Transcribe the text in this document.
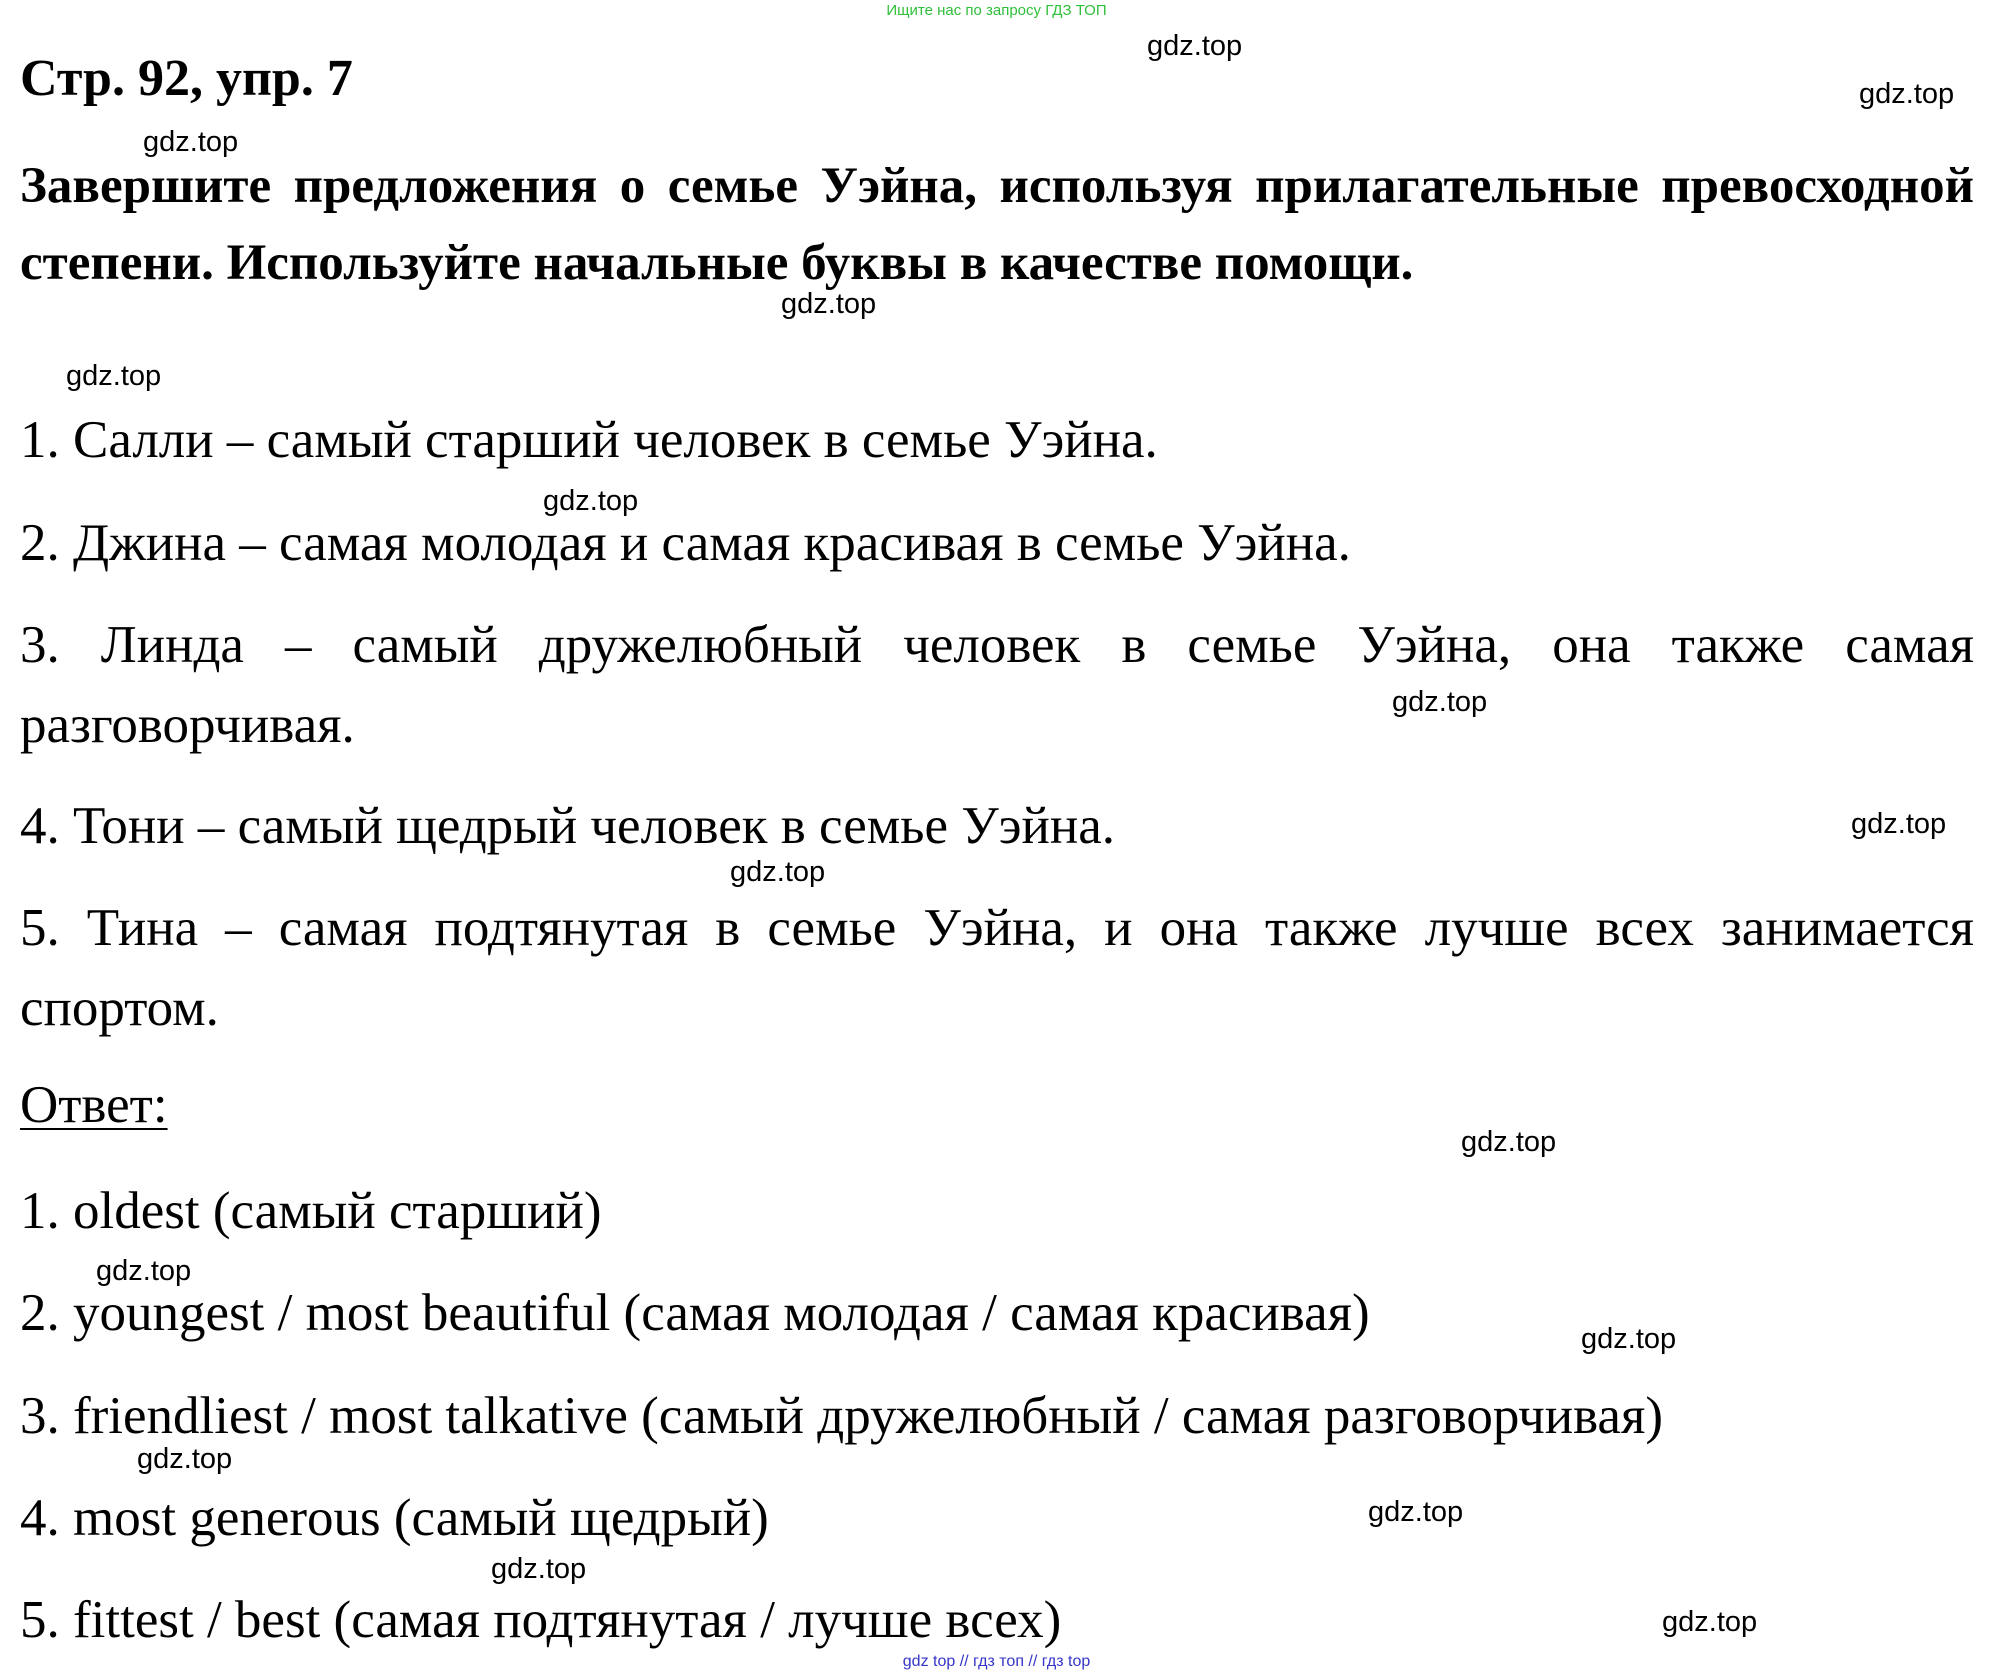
Ищите нас по запросу ГДЗ ТОП
Стр. 92, упр. 7
Завершите предложения о семье Уэйна, используя прилагательные превосходной степени. Используйте начальные буквы в качестве помощи.
1. Салли – самый старший человек в семье Уэйна.
2. Джина – самая молодая и самая красивая в семье Уэйна.
3. Линда – самый дружелюбный человек в семье Уэйна, она также самая разговорчивая.
4. Тони – самый щедрый человек в семье Уэйна.
5. Тина – самая подтянутая в семье Уэйна, и она также лучше всех занимается спортом.
Ответ:
1. oldest (самый старший)
2. youngest / most beautiful (самая молодая / самая красивая)
3. friendliest / most talkative (самый дружелюбный / самая разговорчивая)
4. most generous (самый щедрый)
5. fittest / best (самая подтянутая / лучше всех)
gdz.top
gdz.top
gdz.top
gdz.top
gdz.top
gdz.top
gdz.top
gdz.top
gdz.top
gdz.top
gdz.top
gdz.top
gdz.top
gdz.top
gdz.top
gdz.top
gdz top // гдз топ // гдз top
